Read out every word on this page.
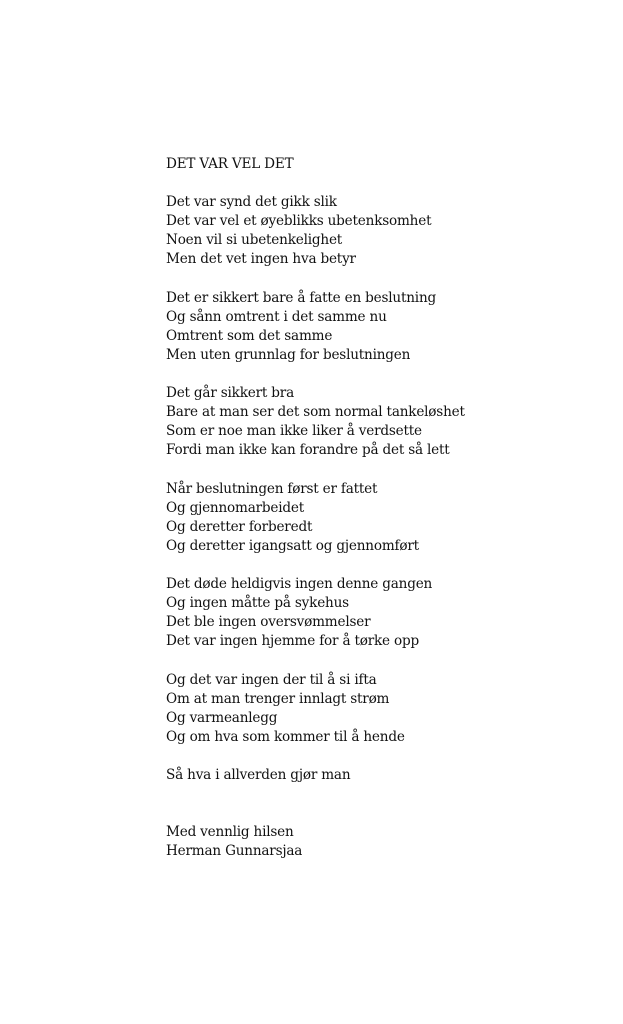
DET VAR VEL DET
Det var synd det gikk slik
Det var vel et øyeblikks ubetenksomhet
Noen vil si ubetenkelighet
Men det vet ingen hva betyr
Det er sikkert bare å fatte en beslutning
Og sånn omtrent i det samme nu
Omtrent som det samme
Men uten grunnlag for beslutningen
Det går sikkert bra
Bare at man ser det som normal tankeløshet
Som er noe man ikke liker å verdsette
Fordi man ikke kan forandre på det så lett
Når beslutningen først er fattet
Og gjennomarbeidet
Og deretter forberedt
Og deretter igangsatt og gjennomført
Det døde heldigvis ingen denne gangen
Og ingen måtte på sykehus
Det ble ingen oversvømmelser
Det var ingen hjemme for å tørke opp
Og det var ingen der til å si ifta
Om at man trenger innlagt strøm
Og varmeanlegg
Og om hva som kommer til å hende
Så hva i allverden gjør man
Med vennlig hilsen
Herman Gunnarsjaa
